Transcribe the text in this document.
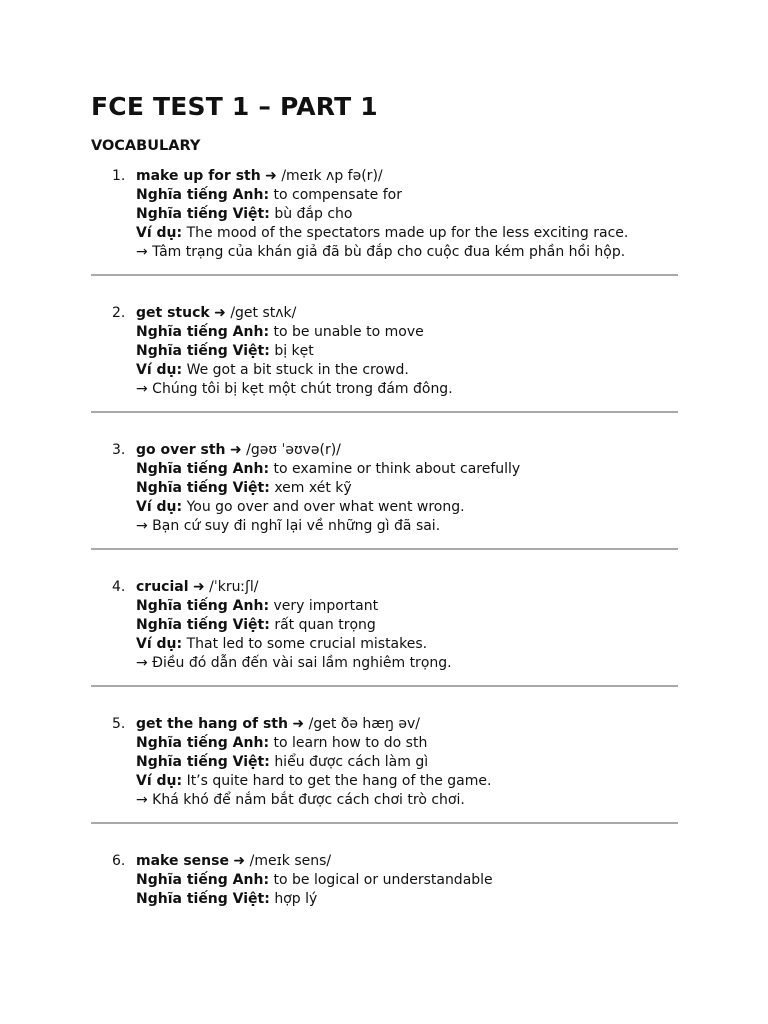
FCE TEST 1 – PART 1
VOCABULARY
1. make up for sth ➜ /meɪk ʌp fə(r)/
Nghĩa tiếng Anh: to compensate for
Nghĩa tiếng Việt: bù đắp cho
Ví dụ: The mood of the spectators made up for the less exciting race.
→ Tâm trạng của khán giả đã bù đắp cho cuộc đua kém phần hồi hộp.
2. get stuck ➜ /get stʌk/
Nghĩa tiếng Anh: to be unable to move
Nghĩa tiếng Việt: bị kẹt
Ví dụ: We got a bit stuck in the crowd.
→ Chúng tôi bị kẹt một chút trong đám đông.
3. go over sth ➜ /gəʊ ˈəʊvə(r)/
Nghĩa tiếng Anh: to examine or think about carefully
Nghĩa tiếng Việt: xem xét kỹ
Ví dụ: You go over and over what went wrong.
→ Bạn cứ suy đi nghĩ lại về những gì đã sai.
4. crucial ➜ /ˈkruːʃl/
Nghĩa tiếng Anh: very important
Nghĩa tiếng Việt: rất quan trọng
Ví dụ: That led to some crucial mistakes.
→ Điều đó dẫn đến vài sai lầm nghiêm trọng.
5. get the hang of sth ➜ /get ðə hæŋ əv/
Nghĩa tiếng Anh: to learn how to do sth
Nghĩa tiếng Việt: hiểu được cách làm gì
Ví dụ: It’s quite hard to get the hang of the game.
→ Khá khó để nắm bắt được cách chơi trò chơi.
6. make sense ➜ /meɪk sens/
Nghĩa tiếng Anh: to be logical or understandable
Nghĩa tiếng Việt: hợp lý
